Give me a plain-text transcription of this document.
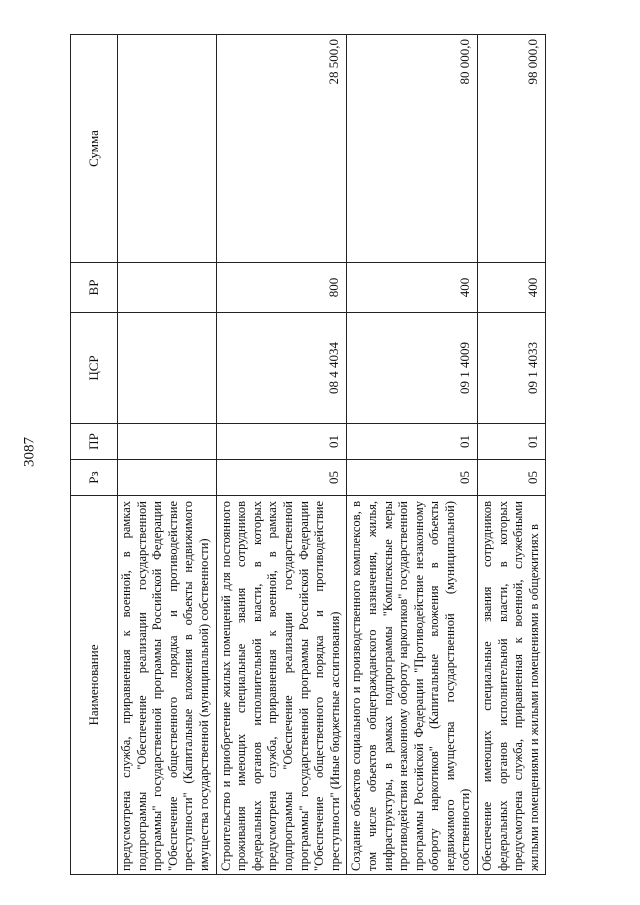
3087
Наименование	Рз	ПР	ЦСР	ВР	Сумма
предусмотрена служба, приравненная к военной, в рамках подпрограммы "Обеспечение реализации государственной программы" государственной программы Российской Федерации "Обеспечение общественного порядка и противодействие преступности" (Капитальные вложения в объекты недвижимого имущества государственной (муниципальной) собственности)					
Строительство и приобретение жилых помещений для постоянного проживания имеющих специальные звания сотрудников федеральных органов исполнительной власти, в которых предусмотрена служба, приравненная к военной, в рамках подпрограммы "Обеспечение реализации государственной программы" государственной программы Российской Федерации "Обеспечение общественного порядка и противодействие преступности" (Иные бюджетные ассигнования)	05	01	08 4 4034	800	28 500,0
Создание объектов социального и производственного комплексов, в том числе объектов общегражданского назначения, жилья, инфраструктуры, в рамках подпрограммы "Комплексные меры противодействия незаконному обороту наркотиков" государственной программы Российской Федерации "Противодействие незаконному обороту наркотиков" (Капитальные вложения в объекты недвижимого имущества государственной (муниципальной) собственности)	05	01	09 1 4009	400	80 000,0
Обеспечение имеющих специальные звания сотрудников федеральных органов исполнительной власти, в которых предусмотрена служба, приравненная к военной, служебными жилыми помещениями и жилыми помещениями в общежитиях в	05	01	09 1 4033	400	98 000,0
